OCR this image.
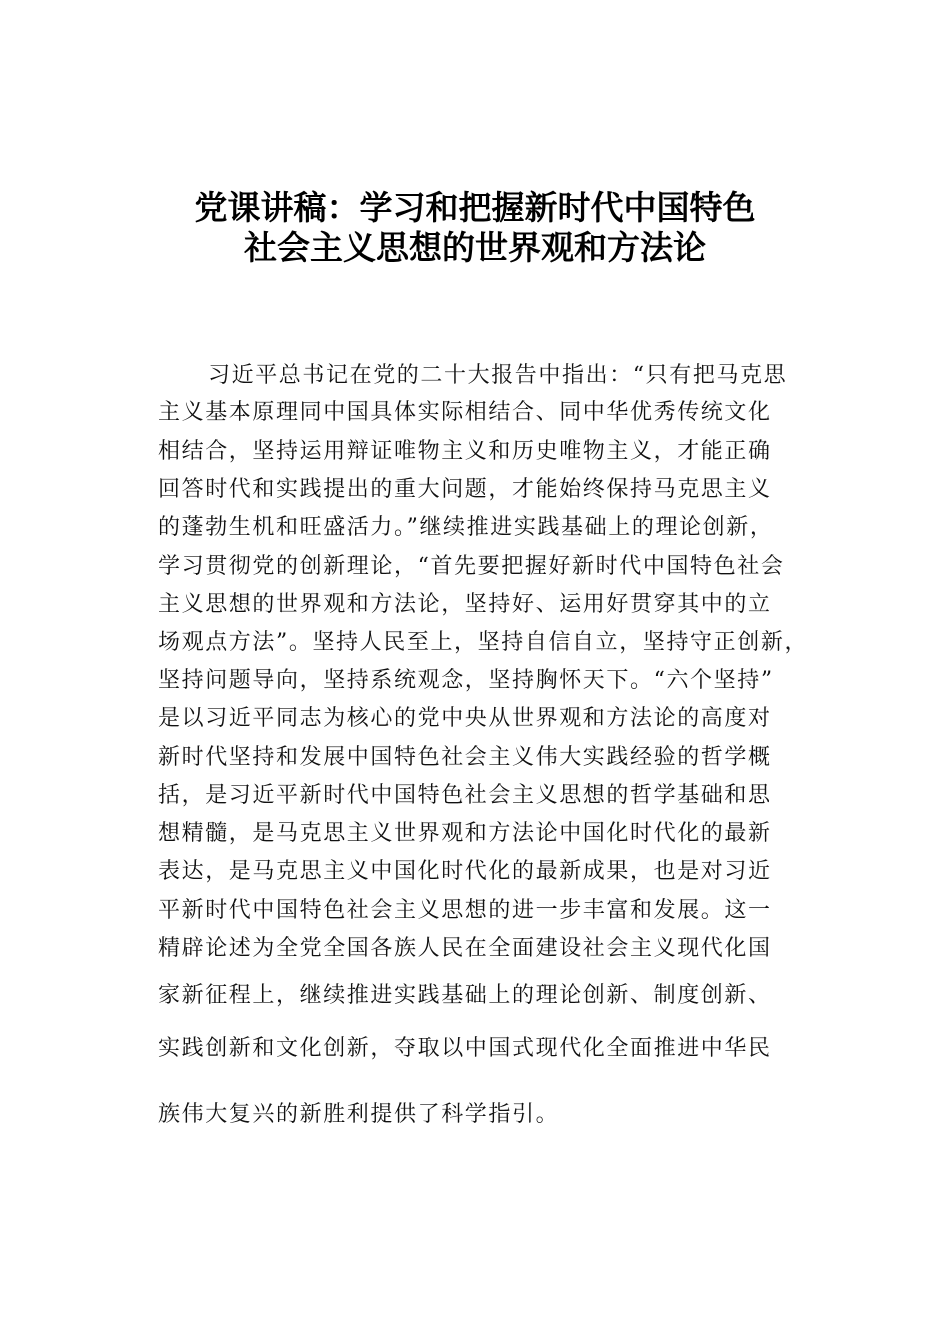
党课讲稿：学习和把握新时代中国特色
社会主义思想的世界观和方法论
习近平总书记在党的二十大报告中指出：“只有把马克思
主义基本原理同中国具体实际相结合、同中华优秀传统文化
相结合，坚持运用辩证唯物主义和历史唯物主义，才能正确
回答时代和实践提出的重大问题，才能始终保持马克思主义
的蓬勃生机和旺盛活力。”继续推进实践基础上的理论创新，
学习贯彻党的创新理论，“首先要把握好新时代中国特色社会
主义思想的世界观和方法论，坚持好、运用好贯穿其中的立
场观点方法”。坚持人民至上，坚持自信自立，坚持守正创新，
坚持问题导向，坚持系统观念，坚持胸怀天下。“六个坚持”
是以习近平同志为核心的党中央从世界观和方法论的高度对
新时代坚持和发展中国特色社会主义伟大实践经验的哲学概
括，是习近平新时代中国特色社会主义思想的哲学基础和思
想精髓，是马克思主义世界观和方法论中国化时代化的最新
表达，是马克思主义中国化时代化的最新成果，也是对习近
平新时代中国特色社会主义思想的进一步丰富和发展。这一
精辟论述为全党全国各族人民在全面建设社会主义现代化国
家新征程上，继续推进实践基础上的理论创新、制度创新、
实践创新和文化创新，夺取以中国式现代化全面推进中华民
族伟大复兴的新胜利提供了科学指引。
